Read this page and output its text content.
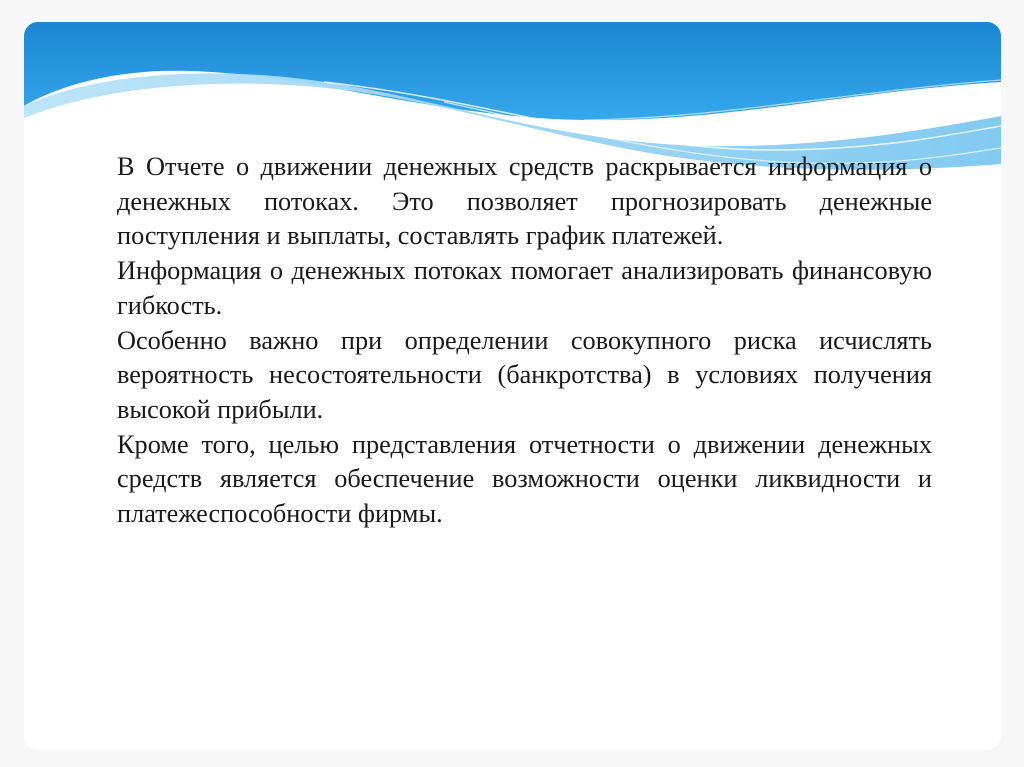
В Отчете о движении денежных средств раскрывается информация о денежных потоках. Это позволяет прогнозировать денежные поступления и выплаты, составлять график платежей.

Информация о денежных потоках помогает анализировать финансовую гибкость.

Особенно важно при определении совокупного риска исчислять вероятность несостоятельности (банкротства) в условиях получения высокой прибыли.

Кроме того, целью представления отчетности о движении денежных средств является обеспечение возможности оценки ликвидности и платежеспособности фирмы.
